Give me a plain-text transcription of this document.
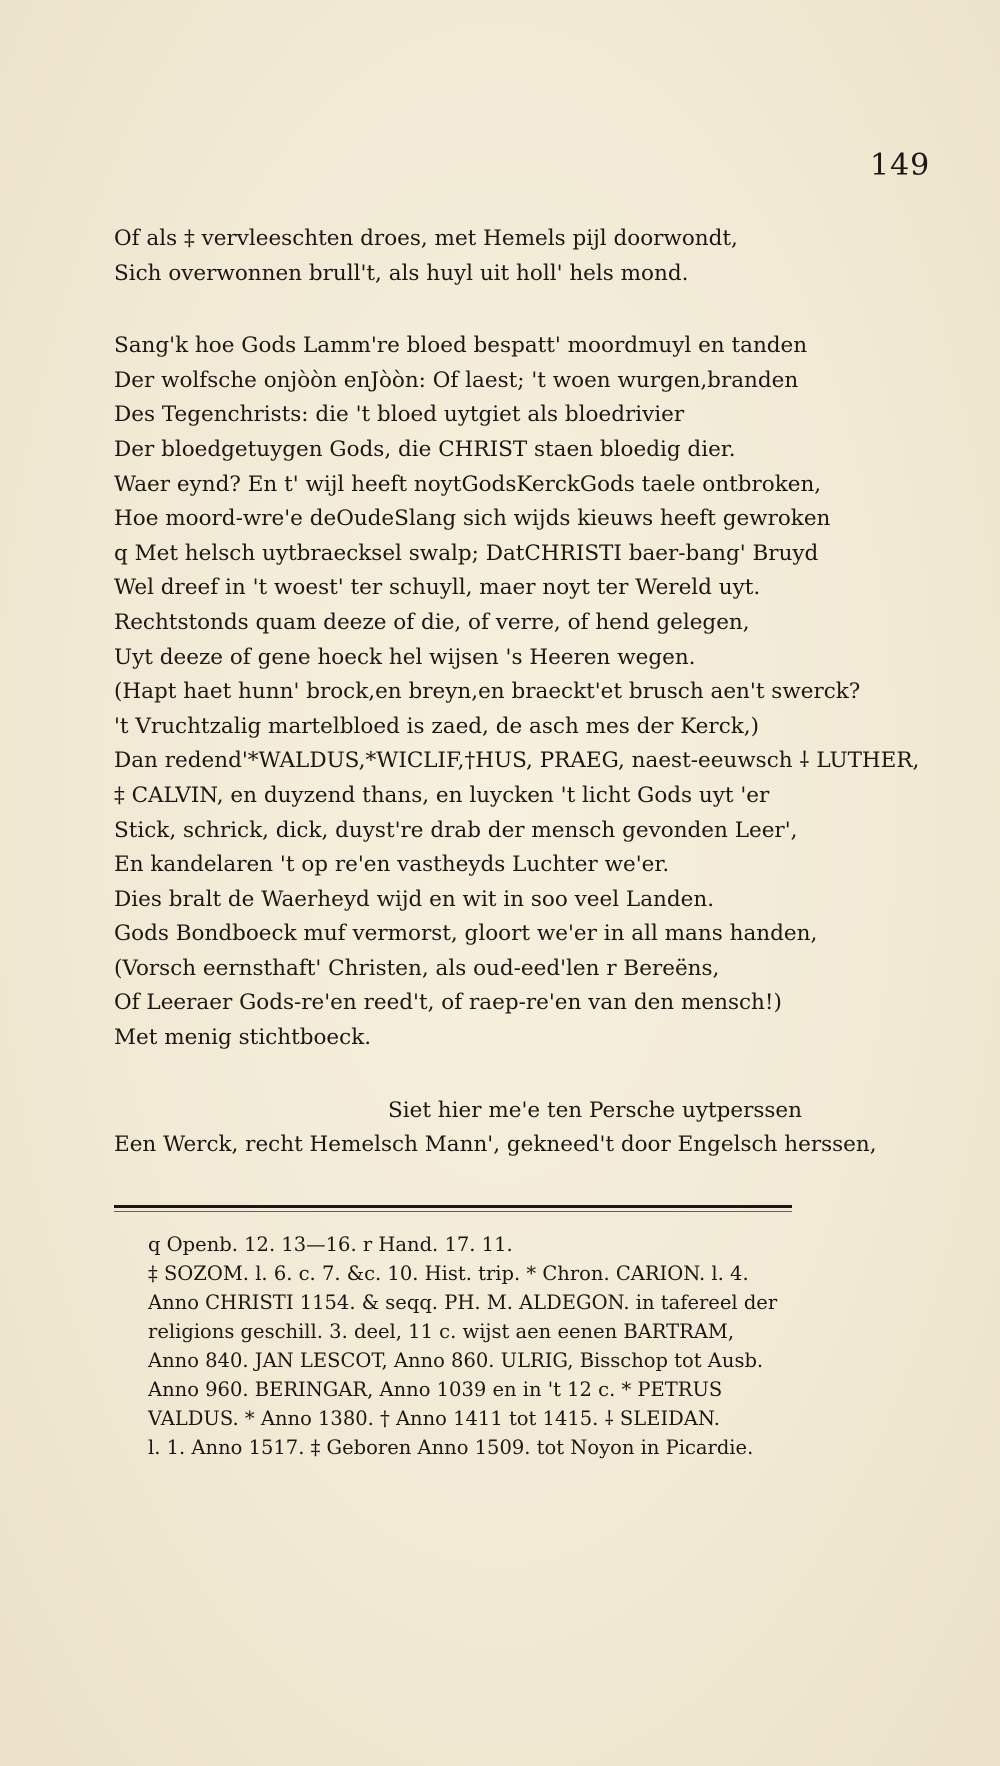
149
Of als ‡ vervleeschten droes, met Hemels pijl doorwondt,
Sich overwonnen brull't, als huyl uit holl' hels mond.
Sang'k hoe Gods Lamm're bloed bespatt' moordmuyl en tanden
Der wolfsche onjòòn enJòòn: Of laest; 't woen wurgen,branden
Des Tegenchrists: die 't bloed uytgiet als bloedrivier
Der bloedgetuygen Gods, die CHRIST staen bloedig dier.
Waer eynd? En t' wijl heeft noytGodsKerckGods taele ontbroken,
Hoe moord-wre'e deOudeSlang sich wijds kieuws heeft gewroken
q Met helsch uytbraecksel swalp; DatCHRISTI baer-bang' Bruyd
Wel dreef in 't woest' ter schuyll, maer noyt ter Wereld uyt.
Rechtstonds quam deeze of die, of verre, of hend gelegen,
Uyt deeze of gene hoeck hel wijsen 's Heeren wegen.
(Hapt haet hunn' brock,en breyn,en braeckt'et brusch aen't swerck?
't Vruchtzalig martelbloed is zaed, de asch mes der Kerck,)
Dan redend'*WALDUS,*WICLIF,†HUS, PRAEG, naest-eeuwsch ⸸ LUTHER,
‡ CALVIN, en duyzend thans, en luycken 't licht Gods uyt 'er
Stick, schrick, dick, duyst're drab der mensch gevonden Leer',
En kandelaren 't op re'en vastheyds Luchter we'er.
Dies bralt de Waerheyd wijd en wit in soo veel Landen.
Gods Bondboeck muf vermorst, gloort we'er in all mans handen,
(Vorsch eernsthaft' Christen, als oud-eed'len r Bereëns,
Of Leeraer Gods-re'en reed't, of raep-re'en van den mensch!)
Met menig stichtboeck.
Siet hier me'e ten Persche uytperssen
Een Werck, recht Hemelsch Mann', gekneed't door Engelsch herssen,
q Openb. 12. 13—16. r Hand. 17. 11.
‡ SOZOM. l. 6. c. 7. &c. 10. Hist. trip. * Chron. CARION. l. 4.
Anno CHRISTI 1154. & seqq. PH. M. ALDEGON. in tafereel der
religions geschill. 3. deel, 11 c. wijst aen eenen BARTRAM,
Anno 840. JAN LESCOT, Anno 860. ULRIG, Bisschop tot Ausb.
Anno 960. BERINGAR, Anno 1039 en in 't 12 c. * PETRUS
VALDUS. * Anno 1380. † Anno 1411 tot 1415. ⸸ SLEIDAN.
l. 1. Anno 1517. ‡ Geboren Anno 1509. tot Noyon in Picardie.
